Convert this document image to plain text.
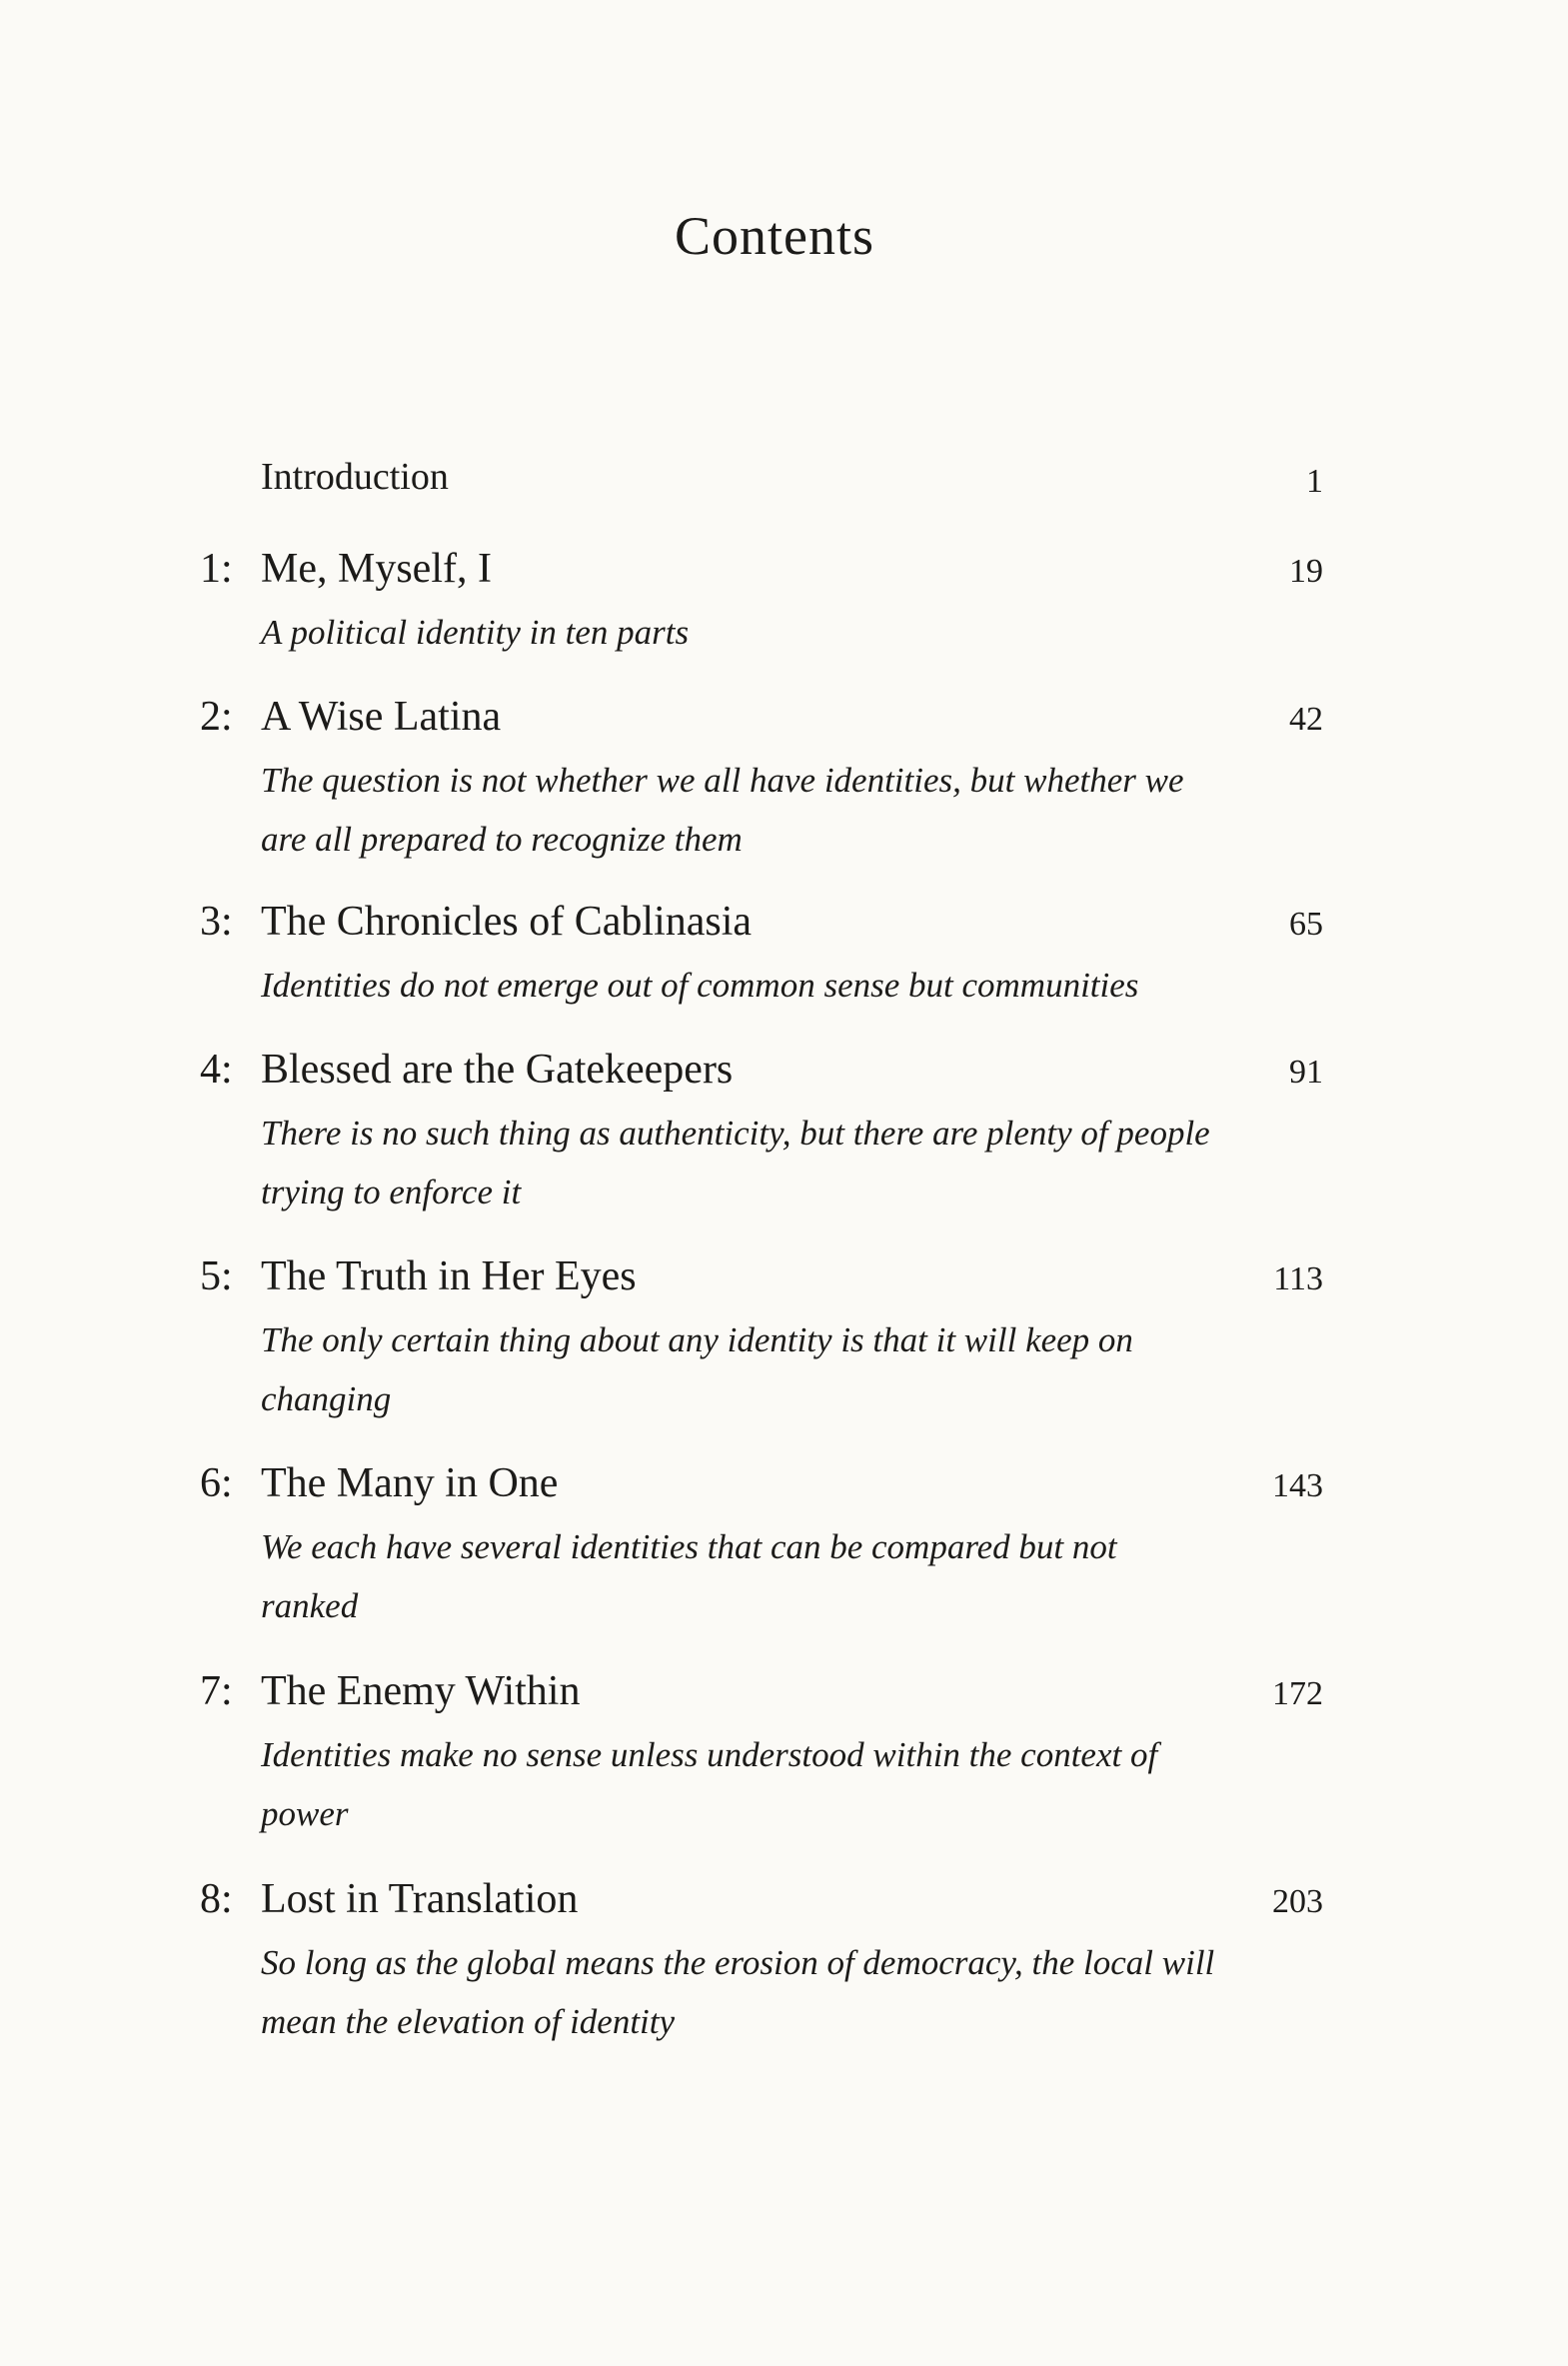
Contents
Introduction	1
1: Me, Myself, I	19
A political identity in ten parts
2: A Wise Latina	42
The question is not whether we all have identities, but whether we are all prepared to recognize them
3: The Chronicles of Cablinasia	65
Identities do not emerge out of common sense but communities
4: Blessed are the Gatekeepers	91
There is no such thing as authenticity, but there are plenty of people trying to enforce it
5: The Truth in Her Eyes	113
The only certain thing about any identity is that it will keep on changing
6: The Many in One	143
We each have several identities that can be compared but not ranked
7: The Enemy Within	172
Identities make no sense unless understood within the context of power
8: Lost in Translation	203
So long as the global means the erosion of democracy, the local will mean the elevation of identity
